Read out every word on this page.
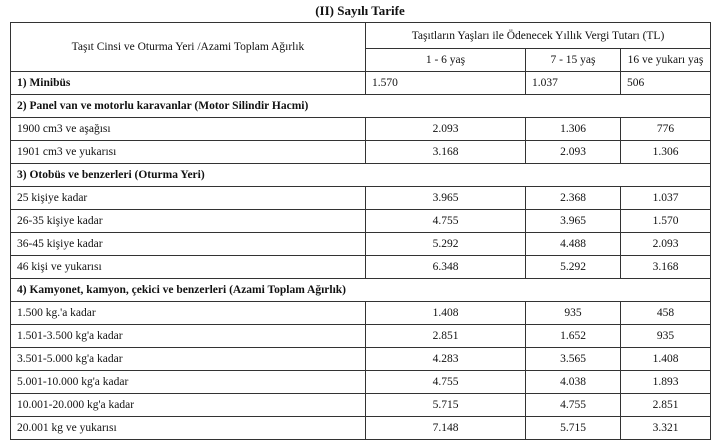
(II) Sayılı Tarife
Taşıt Cinsi ve Oturma Yeri /Azami Toplam Ağırlık	Taşıtların Yaşları ile Ödenecek Yıllık Vergi Tutarı (TL)		
	1 - 6 yaş	7 - 15 yaş	16 ve yukarı yaş
1) Minibüs	1.570	1.037	506
2) Panel van ve motorlu karavanlar (Motor Silindir Hacmi)			
1900 cm3 ve aşağısı	2.093	1.306	776
1901 cm3 ve yukarısı	3.168	2.093	1.306
3) Otobüs ve benzerleri (Oturma Yeri)			
25 kişiye kadar	3.965	2.368	1.037
26-35 kişiye kadar	4.755	3.965	1.570
36-45 kişiye kadar	5.292	4.488	2.093
46 kişi ve yukarısı	6.348	5.292	3.168
4) Kamyonet, kamyon, çekici ve benzerleri (Azami Toplam Ağırlık)			
1.500 kg.'a kadar	1.408	935	458
1.501-3.500 kg'a kadar	2.851	1.652	935
3.501-5.000 kg'a kadar	4.283	3.565	1.408
5.001-10.000 kg'a kadar	4.755	4.038	1.893
10.001-20.000 kg'a kadar	5.715	4.755	2.851
20.001 kg ve yukarısı	7.148	5.715	3.321
